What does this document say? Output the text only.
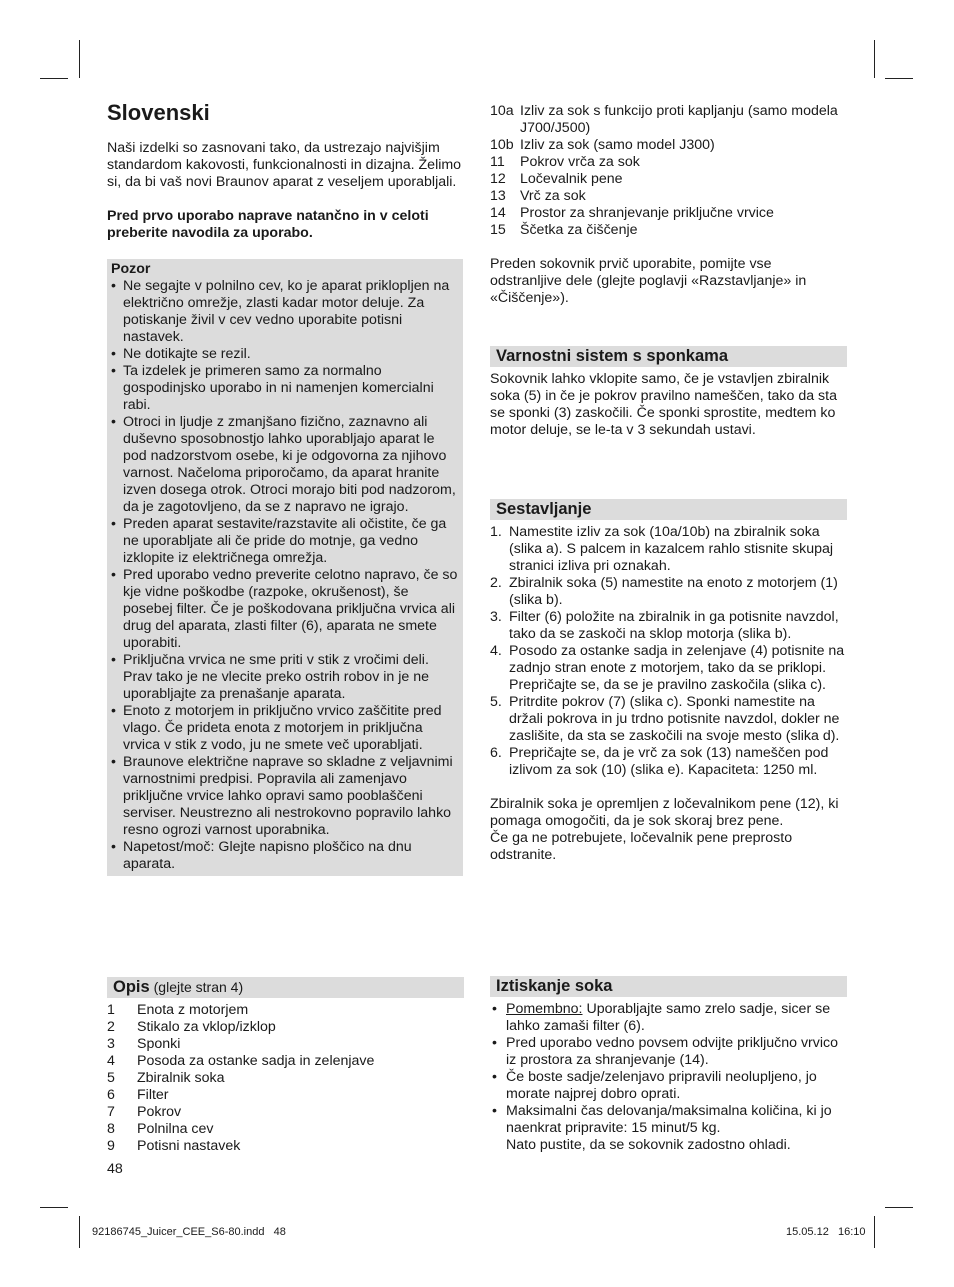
Slovenski

Naši izdelki so zasnovani tako, da ustrezajo najvišjim standardom kakovosti, funkcionalnosti in dizajna. Želimo si, da bi vaš novi Braunov aparat z veseljem uporabljali.

Pred prvo uporabo naprave natančno in v celoti preberite navodila za uporabo.

Pozor
• Ne segajte v polnilno cev, ko je aparat priklopljen na električno omrežje, zlasti kadar motor deluje. Za potiskanje živil v cev vedno uporabite potisni nastavek.
• Ne dotikajte se rezil.
• Ta izdelek je primeren samo za normalno gospodinjsko uporabo in ni namenjen komercialni rabi.
• Otroci in ljudje z zmanjšano fizično, zaznavno ali duševno sposobnostjo lahko uporabljajo aparat le pod nadzorstvom osebe, ki je odgovorna za njihovo varnost. Načeloma priporočamo, da aparat hranite izven dosega otrok. Otroci morajo biti pod nadzorom, da je zagotovljeno, da se z napravo ne igrajo.
• Preden aparat sestavite/razstavite ali očistite, če ga ne uporabljate ali če pride do motnje, ga vedno izklopite iz električnega omrežja.
• Pred uporabo vedno preverite celotno napravo, če so kje vidne poškodbe (razpoke, okrušenost), še posebej filter. Če je poškodovana priključna vrvica ali drug del aparata, zlasti filter (6), aparata ne smete uporabiti.
• Priključna vrvica ne sme priti v stik z vročimi deli. Prav tako je ne vlecite preko ostrih robov in je ne uporabljajte za prenašanje aparata.
• Enoto z motorjem in priključno vrvico zaščitite pred vlago. Če prideta enota z motorjem in priključna vrvica v stik z vodo, ju ne smete več uporabljati.
• Braunove električne naprave so skladne z veljavnimi varnostnimi predpisi. Popravila ali zamenjavo priključne vrvice lahko opravi samo pooblaščeni serviser. Neustrezno ali nestrokovno popravilo lahko resno ogrozi varnost uporabnika.
• Napetost/moč: Glejte napisno ploščico na dnu aparata.
Opis (glejte stran 4)
1	Enota z motorjem
2	Stikalo za vklop/izklop
3	Sponki
4	Posoda za ostanke sadja in zelenjave
5	Zbiralnik soka
6	Filter
7	Pokrov
8	Polnilna cev
9	Potisni nastavek

48

10a Izliv za sok s funkcijo proti kapljanju (samo modela J700/J500)
10b Izliv za sok (samo model J300)
11	Pokrov vrča za sok
12	Ločevalnik pene
13	Vrč za sok
14	Prostor za shranjevanje priključne vrvice
15	Ščetka za čiščenje

Preden sokovnik prvič uporabite, pomijte vse odstranljive dele (glejte poglavji «Razstavljanje» in «Čiščenje»).

Varnostni sistem s sponkama

Sokovnik lahko vklopite samo, če je vstavljen zbiralnik soka (5) in če je pokrov pravilno nameščen, tako da sta se sponki (3) zaskočili. Če sponki sprostite, medtem ko motor deluje, se le-ta v 3 sekundah ustavi.

Sestavljanje
1. Namestite izliv za sok (10a/10b) na zbiralnik soka (slika a). S palcem in kazalcem rahlo stisnite skupaj stranici izliva pri oznakah.
2. Zbiralnik soka (5) namestite na enoto z motorjem (1) (slika b).
3. Filter (6) položite na zbiralnik in ga potisnite navzdol, tako da se zaskoči na sklop motorja (slika b).
4. Posodo za ostanke sadja in zelenjave (4) potisnite na zadnjo stran enote z motorjem, tako da se priklopi. Prepričajte se, da se je pravilno zaskočila (slika c).
5. Pritrdite pokrov (7) (slika c). Sponki namestite na držali pokrova in ju trdno potisnite navzdol, dokler ne zaslišite, da sta se zaskočili na svoje mesto (slika d).
6. Prepričajte se, da je vrč za sok (13) nameščen pod izlivom za sok (10) (slika e). Kapaciteta: 1250 ml.

Zbiralnik soka je opremljen z ločevalnikom pene (12), ki pomaga omogočiti, da je sok skoraj brez pene.

Če ga ne potrebujete, ločevalnik pene preprosto odstranite.

Iztiskanje soka
• Pomembno: Uporabljajte samo zrelo sadje, sicer se lahko zamaši filter (6).
• Pred uporabo vedno povsem odvijte priključno vrvico iz prostora za shranjevanje (14).
• Če boste sadje/zelenjavo pripravili neolupljeno, jo morate najprej dobro oprati.
• Maksimalni čas delovanja/maksimalna količina, ki jo naenkrat pripravite: 15 minut/5 kg.
Nato pustite, da se sokovnik zadostno ohladi.
92186745_Juicer_CEE_S6-80.indd   48	15.05.12   16:10
